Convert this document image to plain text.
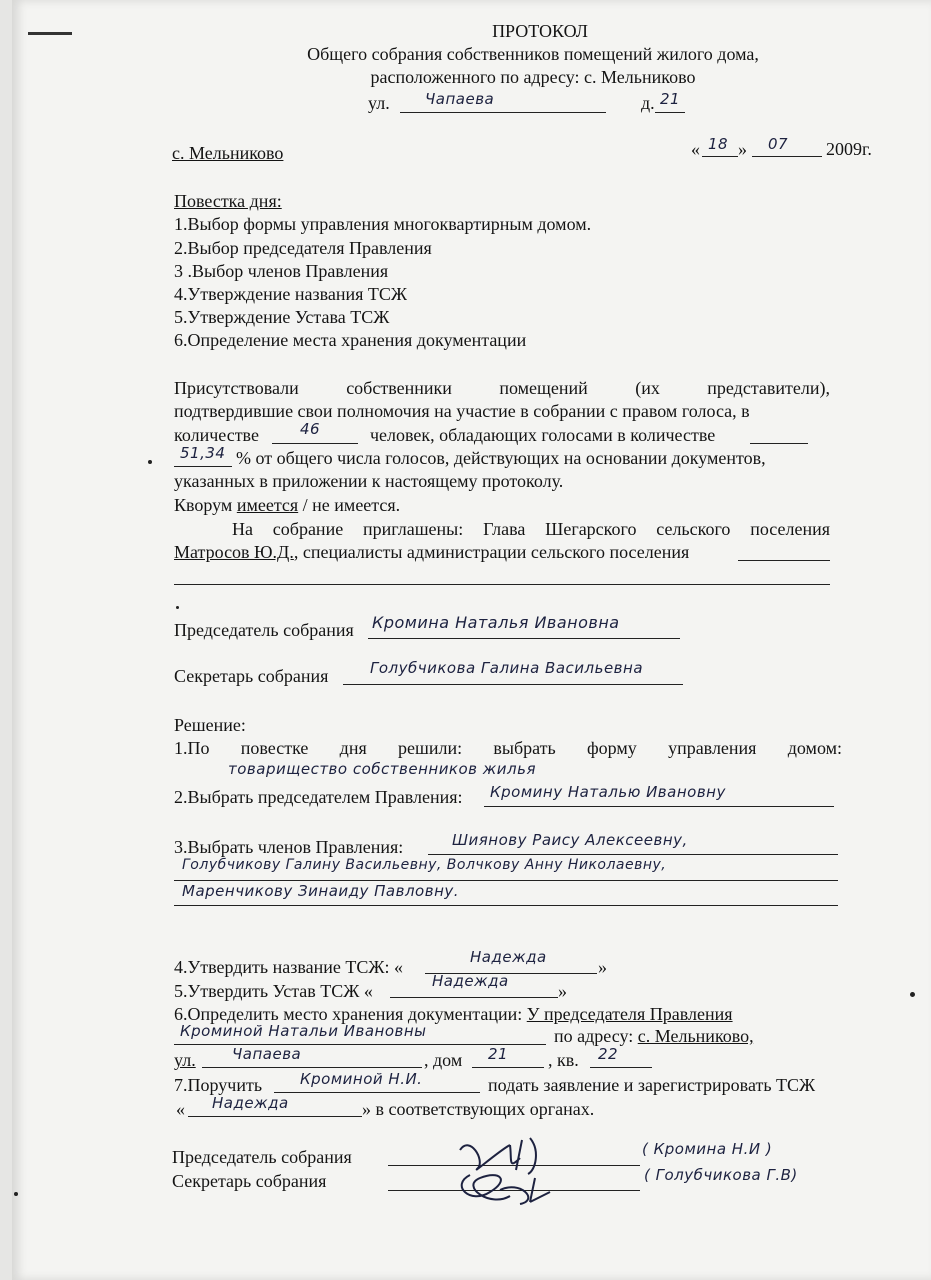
ПРОТОКОЛ
Общего собрания собственников помещений жилого дома,
расположенного по адресу: с. Мельниково
ул. Чапаева	д. 21
с. Мельниково	« 18 » 07 2009г.
Повестка дня:
1.Выбор формы управления многоквартирным домом.
2.Выбор председателя Правления
3 .Выбор членов Правления
4.Утверждение названия ТСЖ
5.Утверждение Устава ТСЖ
6.Определение места хранения документации
Присутствовали собственники помещений (их представители),
подтвердившие свои полномочия на участие в собрании с правом голоса, в
количестве	46	человек, обладающих голосами в количестве
51,34 % от общего числа голосов, действующих на основании документов,
указанных в приложении к настоящему протоколу.
Кворум имеется / не имеется.
На собрание приглашены: Глава Шегарского сельского поселения
Матросов Ю.Д., специалисты администрации сельского поселения
Председатель собрания Кромина Наталья Ивановна
Секретарь собрания	Голубчикова Галина Васильевна
Решение:
1.По повестке дня решили: выбрать форму управления домом:
товарищество собственников жилья
2.Выбрать председателем Правления: Кромину Наталью Ивановну
3.Выбрать членов Правления:	Шиянову Раису Алексеевну,
Голубчикову Галину Васильевну, Волчкову Анну Николаевну,
Маренчикову Зинаиду Павловну.
4.Утвердить название ТСЖ: «	Надежда	»
5.Утвердить Устав ТСЖ «	Надежда	»
6.Определить место хранения документации: У председателя Правления
Кроминой Натальи Ивановны	по адресу: с. Мельниково,
ул. Чапаева	, дом 21 , кв. 22
7.Поручить	Кроминой Н.И.	подать заявление и зарегистрировать ТСЖ
« Надежда	» в соответствующих органах.
Председатель собрания	( Кромина Н.И )
Секретарь собрания	( Голубчикова Г.В)
